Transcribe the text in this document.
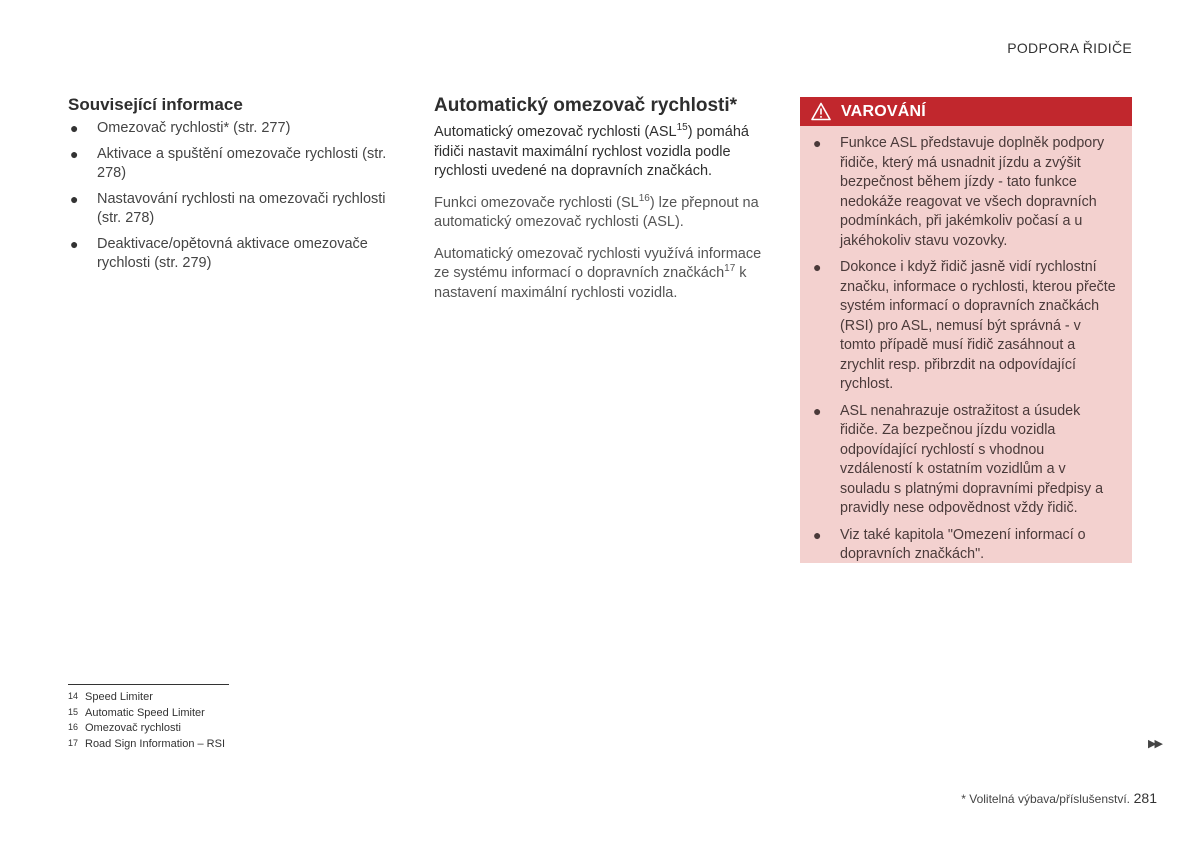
PODPORA ŘIDIČE
Související informace
● Omezovač rychlosti* (str. 277)
● Aktivace a spuštění omezovače rychlosti (str. 278)
● Nastavování rychlosti na omezovači rychlosti (str. 278)
● Deaktivace/opětovná aktivace omezovače rychlosti (str. 279)
Automatický omezovač rychlosti*

Automatický omezovač rychlosti (ASL$^{15}$) pomáhá řidiči nastavit maximální rychlost vozidla podle rychlosti uvedené na dopravních značkách.

Funkci omezovače rychlosti (SL$^{16}$) lze přepnout na automatický omezovač rychlosti (ASL).

Automatický omezovač rychlosti využívá informace ze systému informací o dopravních značkách$^{17}$ k nastavení maximální rychlosti vozidla.

VAROVÁNÍ
● Funkce ASL představuje doplněk podpory řidiče, který má usnadnit jízdu a zvýšit bezpečnost během jízdy - tato funkce nedokáže reagovat ve všech dopravních podmínkách, při jakémkoliv počasí a u jakéhokoliv stavu vozovky.
● Dokonce i když řidič jasně vidí rychlostní značku, informace o rychlosti, kterou přečte systém informací o dopravních značkách (RSI) pro ASL, nemusí být správná - v tomto případě musí řidič zasáhnout a zrychlit resp. přibrzdit na odpovídající rychlost.
● ASL nenahrazuje ostražitost a úsudek řidiče. Za bezpečnou jízdu vozidla odpovídající rychlostí s vhodnou vzdáleností k ostatním vozidlům a v souladu s platnými dopravními předpisy a pravidly nese odpovědnost vždy řidič.
● Viz také kapitola "Omezení informací o dopravních značkách".
14 Speed Limiter
15 Automatic Speed Limiter
16 Omezovač rychlosti
17 Road Sign Information – RSI	▶▶
* Volitelná výbava/příslušenství. 281
